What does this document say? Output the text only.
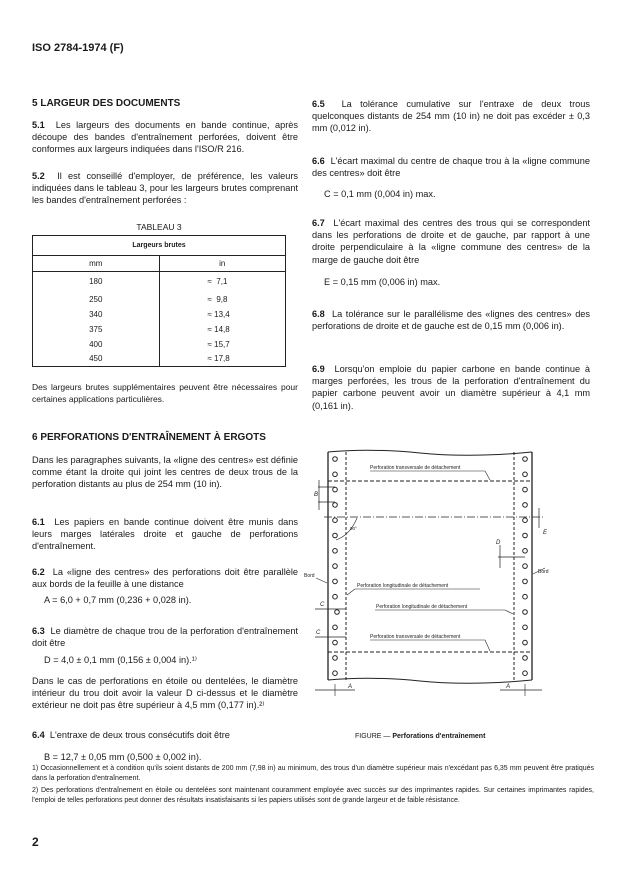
ISO 2784-1974 (F)
5 LARGEUR DES DOCUMENTS
5.1 Les largeurs des documents en bande continue, après découpe des bandes d'entraînement perforées, doivent être conformes aux largeurs indiquées dans l'ISO/R 216.
5.2 Il est conseillé d'employer, de préférence, les valeurs indiquées dans le tableau 3, pour les largeurs brutes comprenant les bandes d'entraînement perforées :
TABLEAU 3
Largeurs brutes	
mm	in
180	≈  7,1
250	≈  9,8
340	≈ 13,4
375	≈ 14,8
400	≈ 15,7
450	≈ 17,8
Des largeurs brutes supplémentaires peuvent être nécessaires pour certaines applications particulières.
6 PERFORATIONS D'ENTRAÎNEMENT À ERGOTS
Dans les paragraphes suivants, la «ligne des centres» est définie comme étant la droite qui joint les centres de deux trous de la perforation distants au plus de 254 mm (10 in).
6.1 Les papiers en bande continue doivent être munis dans leurs marges latérales droite et gauche de perforations d'entraînement.
6.2 La «ligne des centres» des perforations doit être parallèle aux bords de la feuille à une distance
A = 6,0 + 0,7 mm (0,236 + 0,028 in).
6.3 Le diamètre de chaque trou de la perforation d'entraînement doit être
D = 4,0 ± 0,1 mm (0,156 ± 0,004 in).¹⁾
Dans le cas de perforations en étoile ou dentelées, le diamètre intérieur du trou doit avoir la valeur D ci-dessus et le diamètre extérieur ne doit pas être supérieur à 4,5 mm (0,177 in).²⁾
6.4 L'entraxe de deux trous consécutifs doit être
B = 12,7 ± 0,05 mm (0,500 ± 0,002 in).
6.5 La tolérance cumulative sur l'entraxe de deux trous quelconques distants de 254 mm (10 in) ne doit pas excéder ± 0,3 mm (0,012 in).
6.6 L'écart maximal du centre de chaque trou à la «ligne commune des centres» doit être
C = 0,1 mm (0,004 in) max.
6.7 L'écart maximal des centres des trous qui se correspondent dans les perforations de droite et de gauche, par rapport à une droite perpendiculaire à la «ligne commune des centres» de la marge de gauche doit être
E = 0,15 mm (0,006 in) max.
6.8 La tolérance sur le parallélisme des «lignes des centres» des perforations de droite et de gauche est de 0,15 mm (0,006 in).
6.9 Lorsqu'on emploie du papier carbone en bande continue à marges perforées, les trous de la perforation d'entraînement du papier carbone peuvent avoir un diamètre supérieur à 4,1 mm (0,161 in).
Perforation transversale de détachement
Perforation longitudinale de détachement
Perforation longitudinale de détachement
Perforation transversale de détachement
Bord
Bord
B
C
C
D
E
A	A
90°
FIGURE — Perforations d'entraînement
1) Occasionnellement et à condition qu'ils soient distants de 200 mm (7,98 in) au minimum, des trous d'un diamètre supérieur mais n'excédant pas 6,35 mm peuvent être pratiqués dans la perforation d'entraînement.
2) Des perforations d'entraînement en étoile ou dentelées sont maintenant couramment employée avec succès sur des imprimantes rapides. Sur certaines imprimantes rapides, l'emploi de telles perforations peut donner des résultats insatisfaisants si les papiers utilisés sont de grande largeur et de faible résistance.
2
